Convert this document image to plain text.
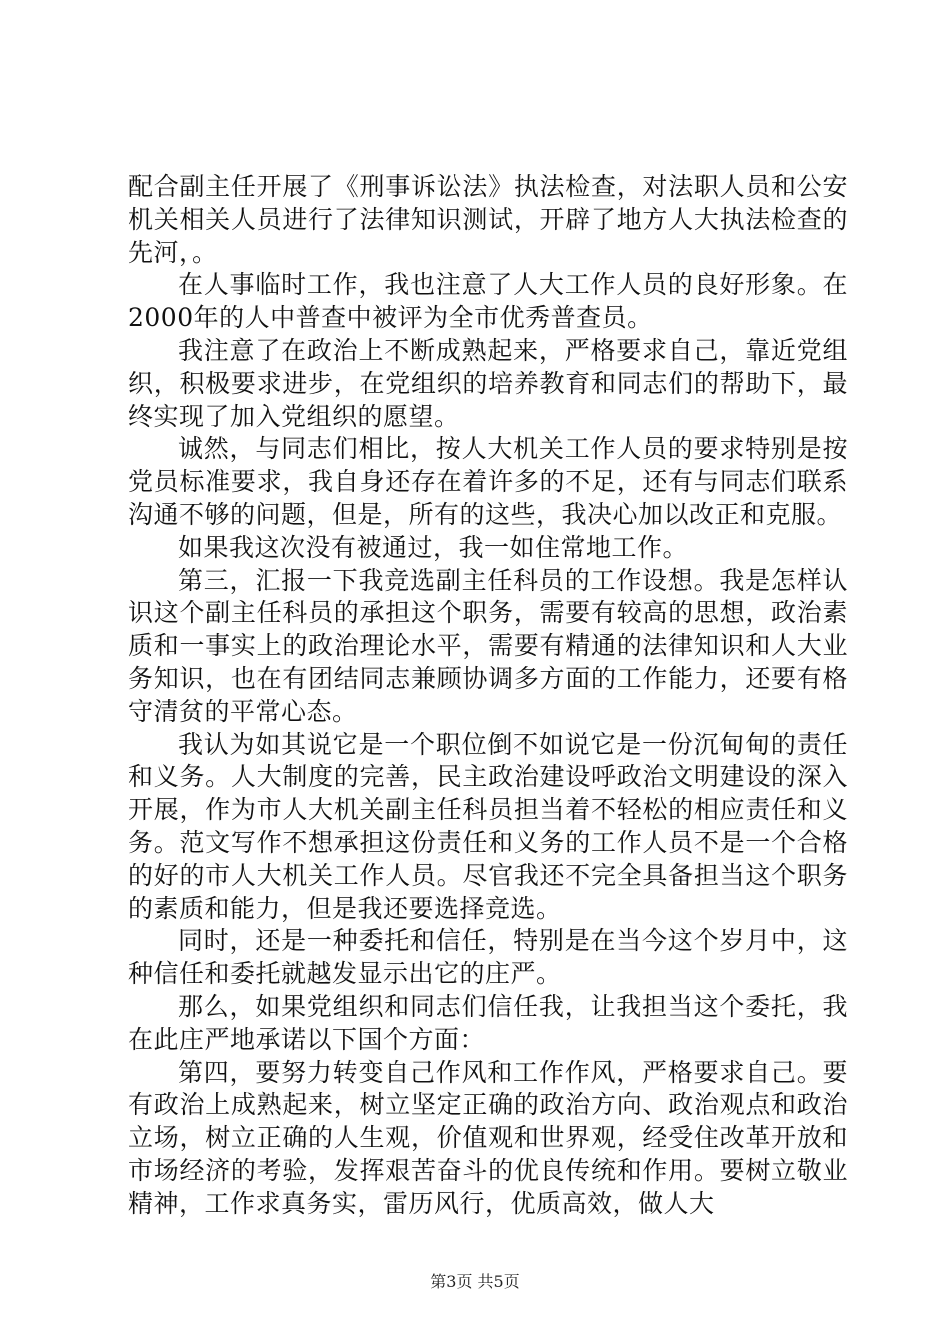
配合副主任开展了《刑事诉讼法》执法检查，对法职人员和公安机关相关人员进行了法律知识测试，开辟了地方人大执法检查的先河，。

在人事临时工作，我也注意了人大工作人员的良好形象。在2000年的人中普查中被评为全市优秀普查员。

我注意了在政治上不断成熟起来，严格要求自己，靠近党组织，积极要求进步，在党组织的培养教育和同志们的帮助下，最终实现了加入党组织的愿望。

诚然，与同志们相比，按人大机关工作人员的要求特别是按党员标准要求，我自身还存在着许多的不足，还有与同志们联系沟通不够的问题，但是，所有的这些，我决心加以改正和克服。

如果我这次没有被通过，我一如住常地工作。

第三，汇报一下我竞选副主任科员的工作设想。我是怎样认识这个副主任科员的承担这个职务，需要有较高的思想，政治素质和一事实上的政治理论水平，需要有精通的法律知识和人大业务知识，也在有团结同志兼顾协调多方面的工作能力，还要有格守清贫的平常心态。

我认为如其说它是一个职位倒不如说它是一份沉甸甸的责任和义务。人大制度的完善，民主政治建设呼政治文明建设的深入开展，作为市人大机关副主任科员担当着不轻松的相应责任和义务。范文写作不想承担这份责任和义务的工作人员不是一个合格的好的市人大机关工作人员。尽官我还不完全具备担当这个职务的素质和能力，但是我还要选择竞选。

同时，还是一种委托和信任，特别是在当今这个岁月中，这种信任和委托就越发显示出它的庄严。

那么，如果党组织和同志们信任我，让我担当这个委托，我在此庄严地承诺以下国个方面：

第四，要努力转变自己作风和工作作风，严格要求自己。要有政治上成熟起来，树立坚定正确的政治方向、政治观点和政治立场，树立正确的人生观，价值观和世界观，经受住改革开放和市场经济的考验，发挥艰苦奋斗的优良传统和作用。要树立敬业精神，工作求真务实，雷历风行，优质高效，做人大

第3页 共5页
